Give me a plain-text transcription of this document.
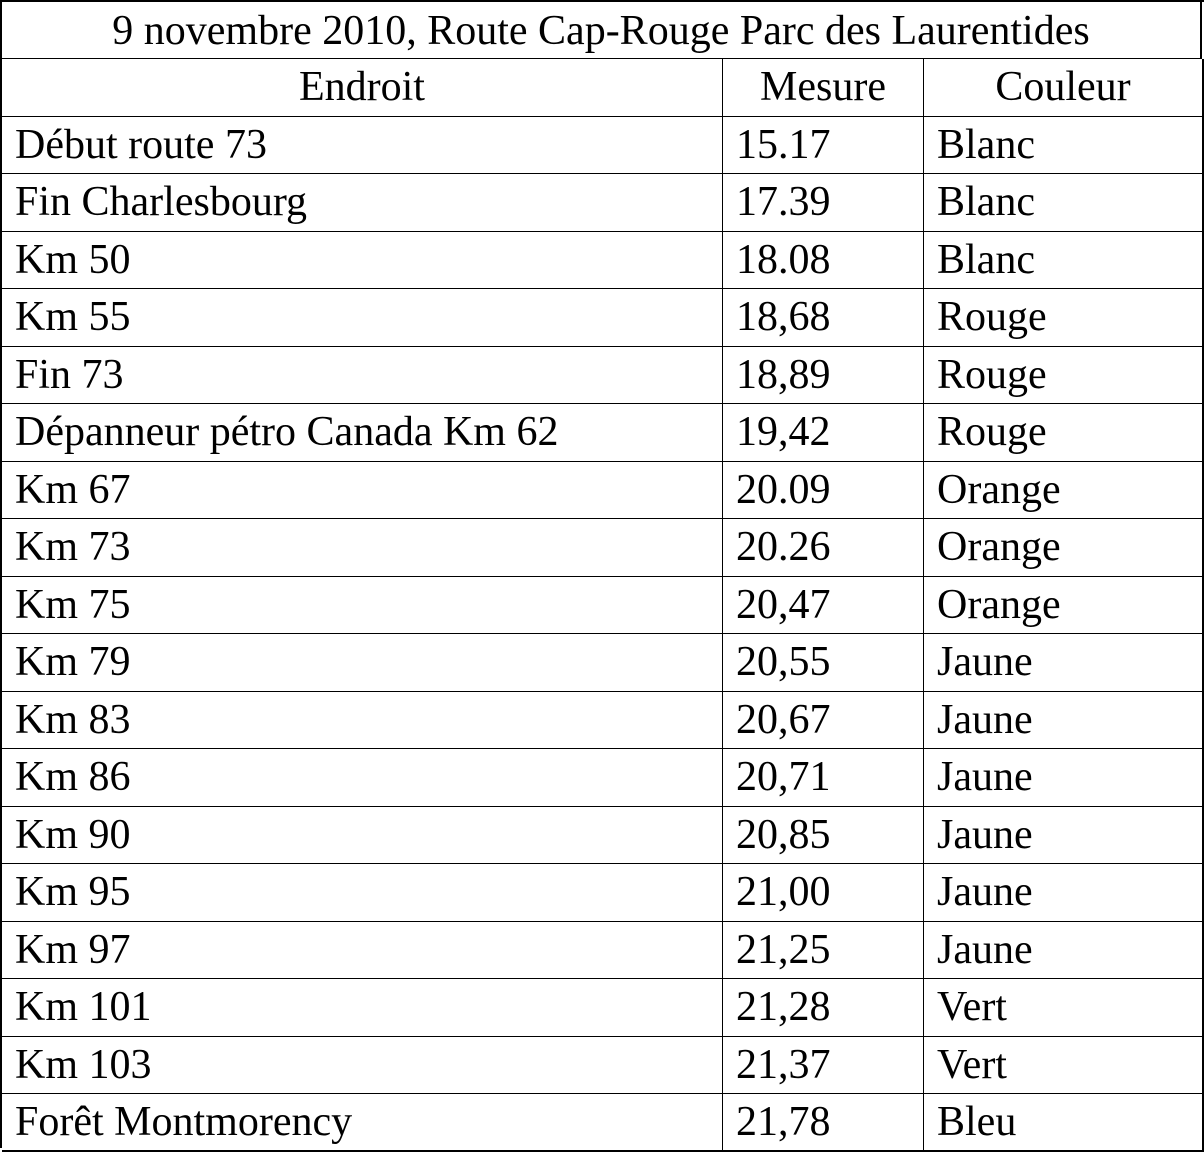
9 novembre 2010, Route Cap-Rouge Parc des Laurentides
Endroit	Mesure	Couleur
Début route 73	15.17	Blanc
Fin Charlesbourg	17.39	Blanc
Km 50	18.08	Blanc
Km 55	18,68	Rouge
Fin 73	18,89	Rouge
Dépanneur pétro Canada Km 62	19,42	Rouge
Km 67	20.09	Orange
Km 73	20.26	Orange
Km 75	20,47	Orange
Km 79	20,55	Jaune
Km 83	20,67	Jaune
Km 86	20,71	Jaune
Km 90	20,85	Jaune
Km 95	21,00	Jaune
Km 97	21,25	Jaune
Km 101	21,28	Vert
Km 103	21,37	Vert
Forêt Montmorency	21,78	Bleu
